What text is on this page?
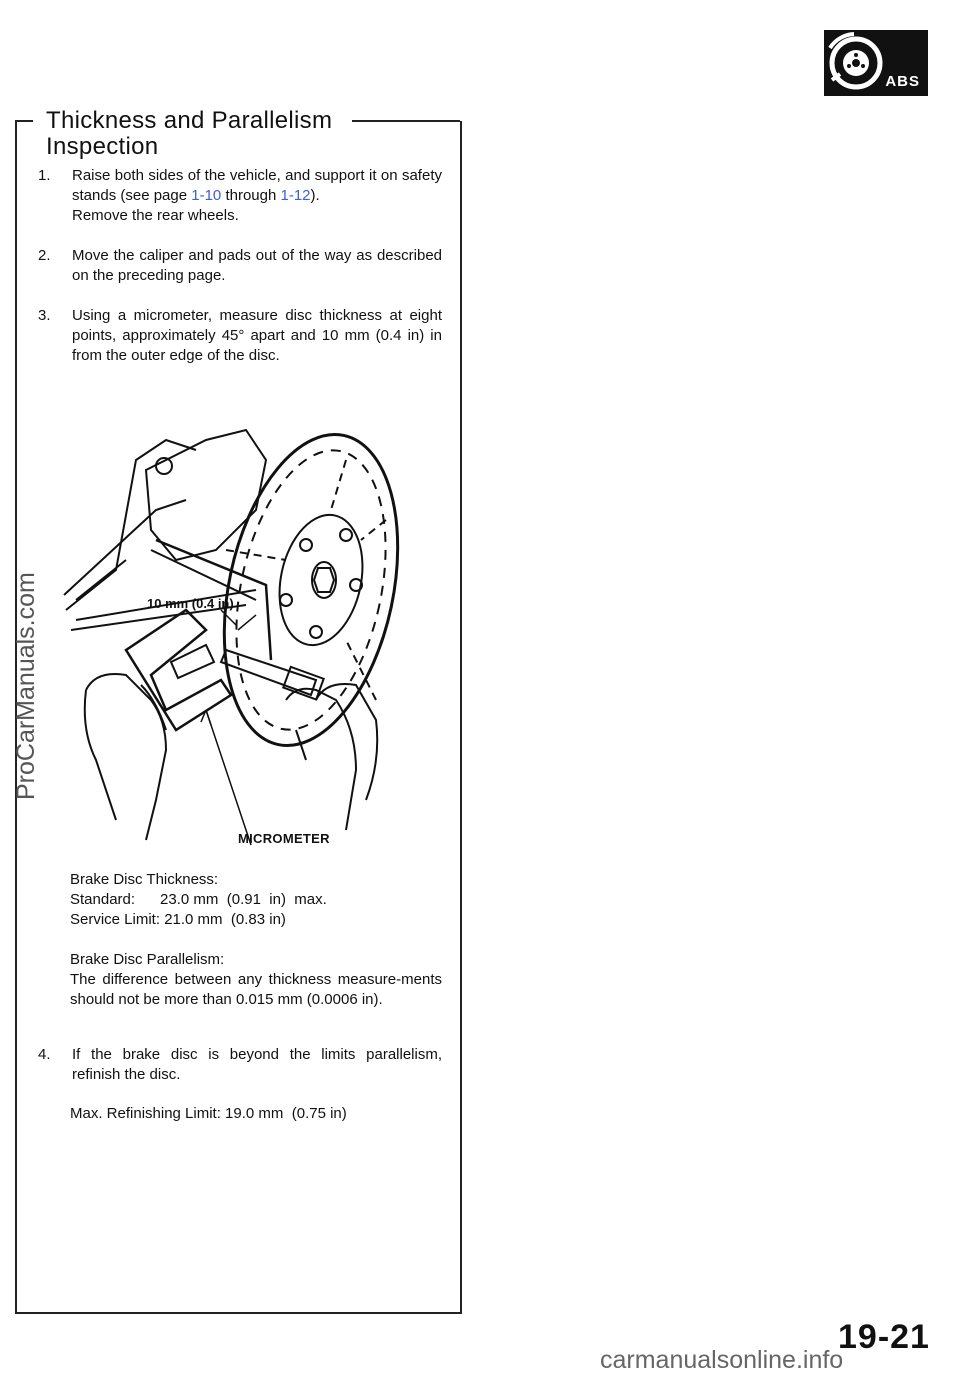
ABS
Thickness and Parallelism
Inspection
1. Raise both sides of the vehicle, and support it on safety stands (see page 1-10 through 1-12).

Remove the rear wheels.

2. Move the caliper and pads out of the way as described on the preceding page.

3. Using a micrometer, measure disc thickness at eight points, approximately 45° apart and 10 mm (0.4 in) in from the outer edge of the disc.

10 mm (0.4 in)
MICROMETER

Brake Disc Thickness:

Standard:      23.0 mm  (0.91  in)  max.

Service Limit: 21.0 mm  (0.83 in)

Brake Disc Parallelism:

The difference between any thickness measure-ments should not be more than 0.015 mm (0.0006 in).

4. If the brake disc is beyond the limits parallelism, refinish the disc.

Max. Refinishing Limit: 19.0 mm  (0.75 in)

19-21
ProCarManuals.com
carmanualsonline.info
